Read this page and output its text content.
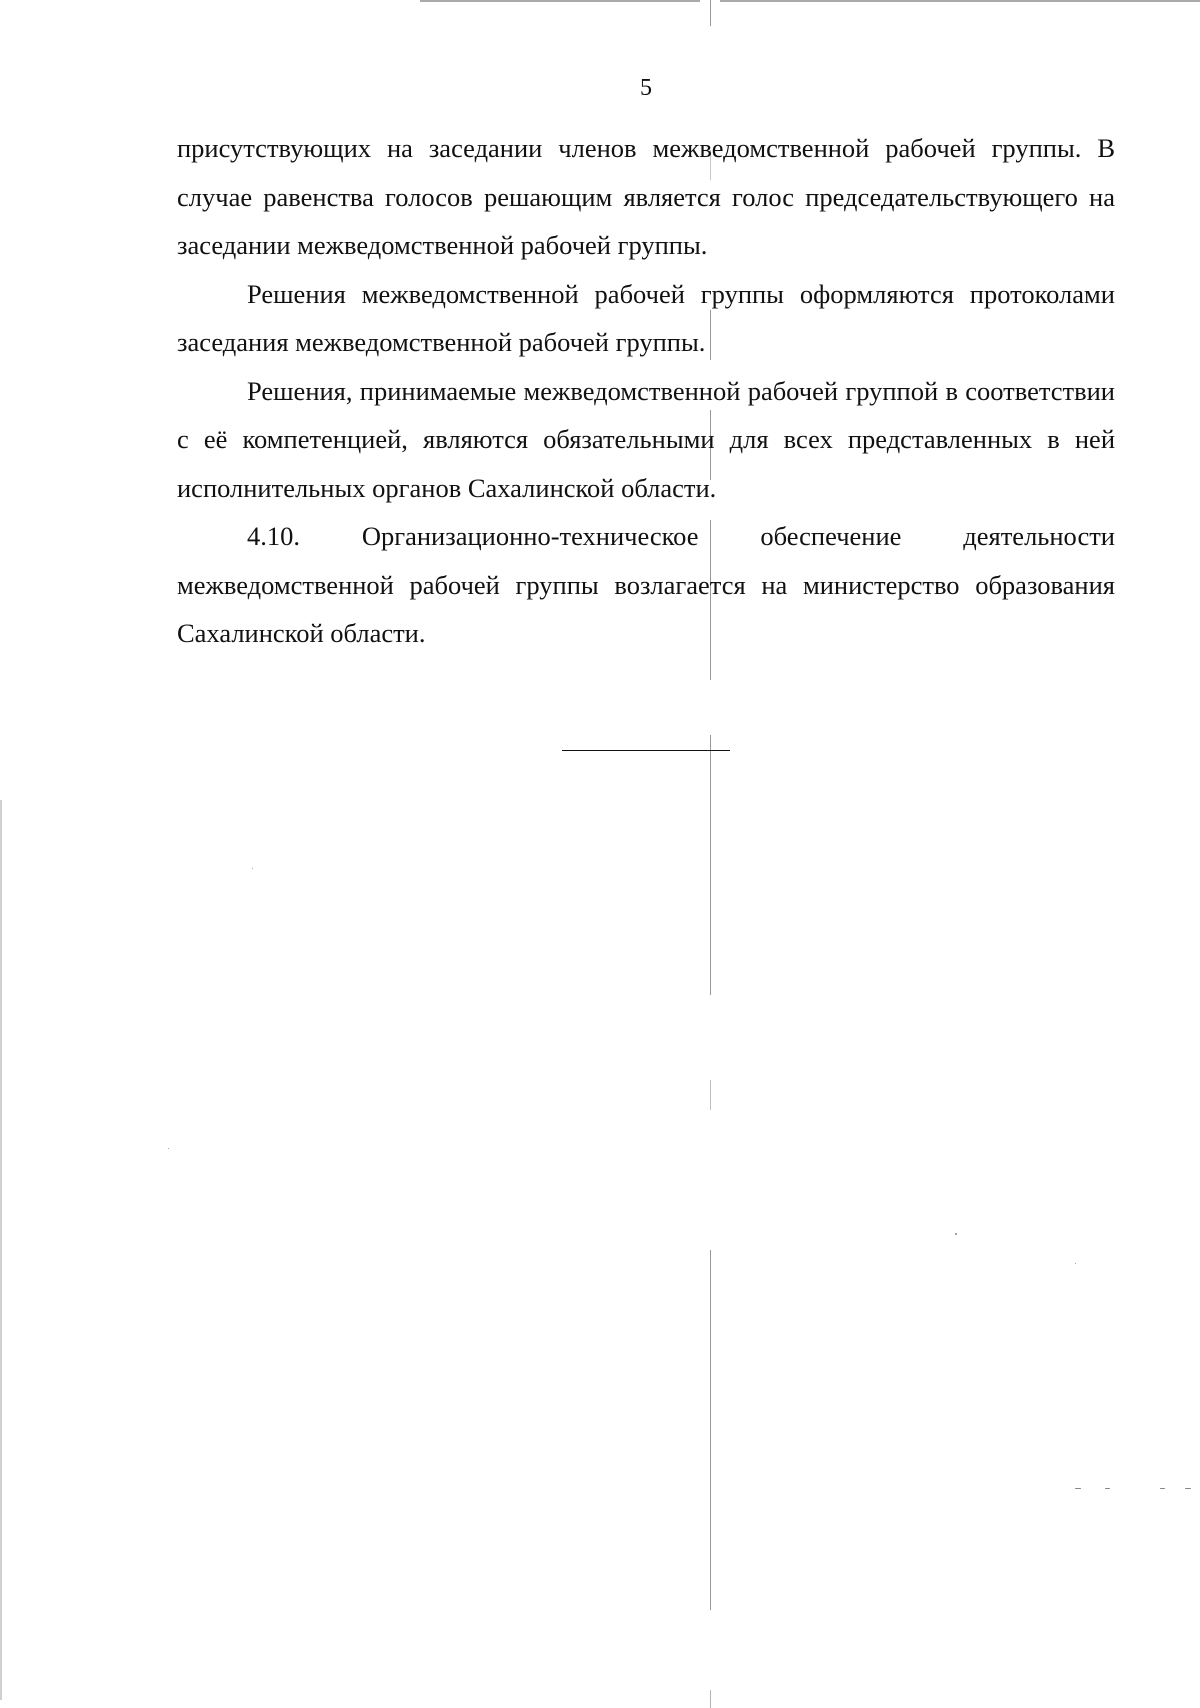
5

присутствующих на заседании членов межведомственной рабочей группы. В случае равенства голосов решающим является голос председательствующего на заседании межведомственной рабочей группы.

Решения межведомственной рабочей группы оформляются протоколами заседания межведомственной рабочей группы.

Решения, принимаемые межведомственной рабочей группой в соответствии с её компетенцией, являются обязательными для всех представленных в ней исполнительных органов Сахалинской области.

4.10. Организационно-техническое обеспечение деятельности межведомственной рабочей группы возлагается на министерство образования Сахалинской области.
